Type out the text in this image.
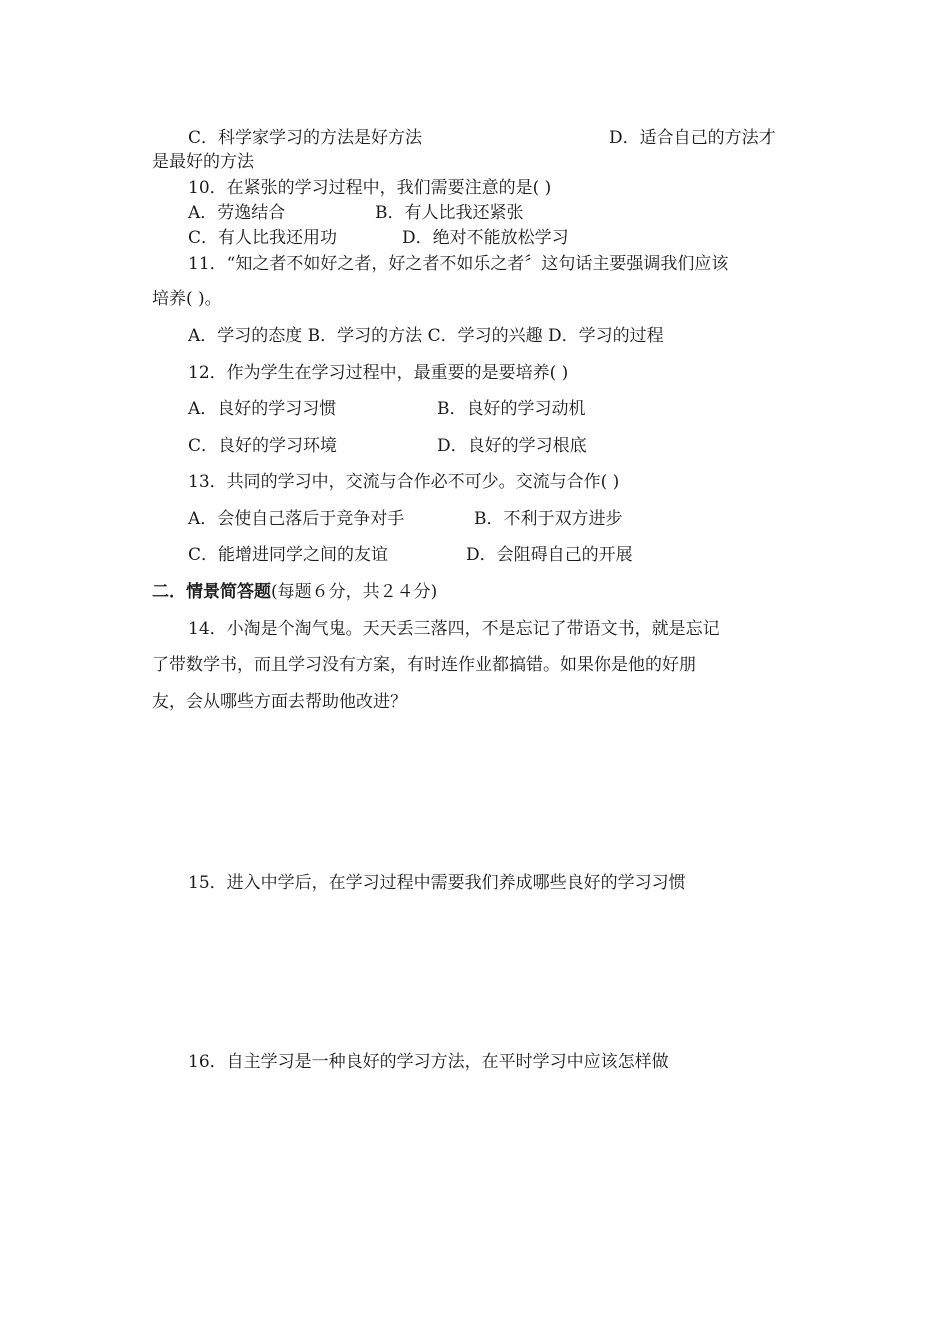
C．科学家学习的方法是好方法	D．适合自己的方法才
是最好的方法
10．在紧张的学习过程中，我们需要注意的是( )
A．劳逸结合	B．有人比我还紧张
C．有人比我还用功	D．绝对不能放松学习
11．“知之者不如好之者，好之者不如乐之者〞这句话主要强调我们应该
培养( )。
A．学习的态度 B．学习的方法 C．学习的兴趣 D．学习的过程
12．作为学生在学习过程中，最重要的是要培养( )
A．良好的学习习惯	B．良好的学习动机
C．良好的学习环境	D．良好的学习根底
13．共同的学习中，交流与合作必不可少。交流与合作( )
A．会使自己落后于竞争对手	B．不利于双方进步
C．能增进同学之间的友谊	D．会阻碍自己的开展
二．情景简答题(每题６分，共２４分)
14．小淘是个淘气鬼。天天丢三落四，不是忘记了带语文书，就是忘记
了带数学书，而且学习没有方案，有时连作业都搞错。如果你是他的好朋
友，会从哪些方面去帮助他改进？
15．进入中学后，在学习过程中需要我们养成哪些良好的学习习惯
16．自主学习是一种良好的学习方法，在平时学习中应该怎样做
